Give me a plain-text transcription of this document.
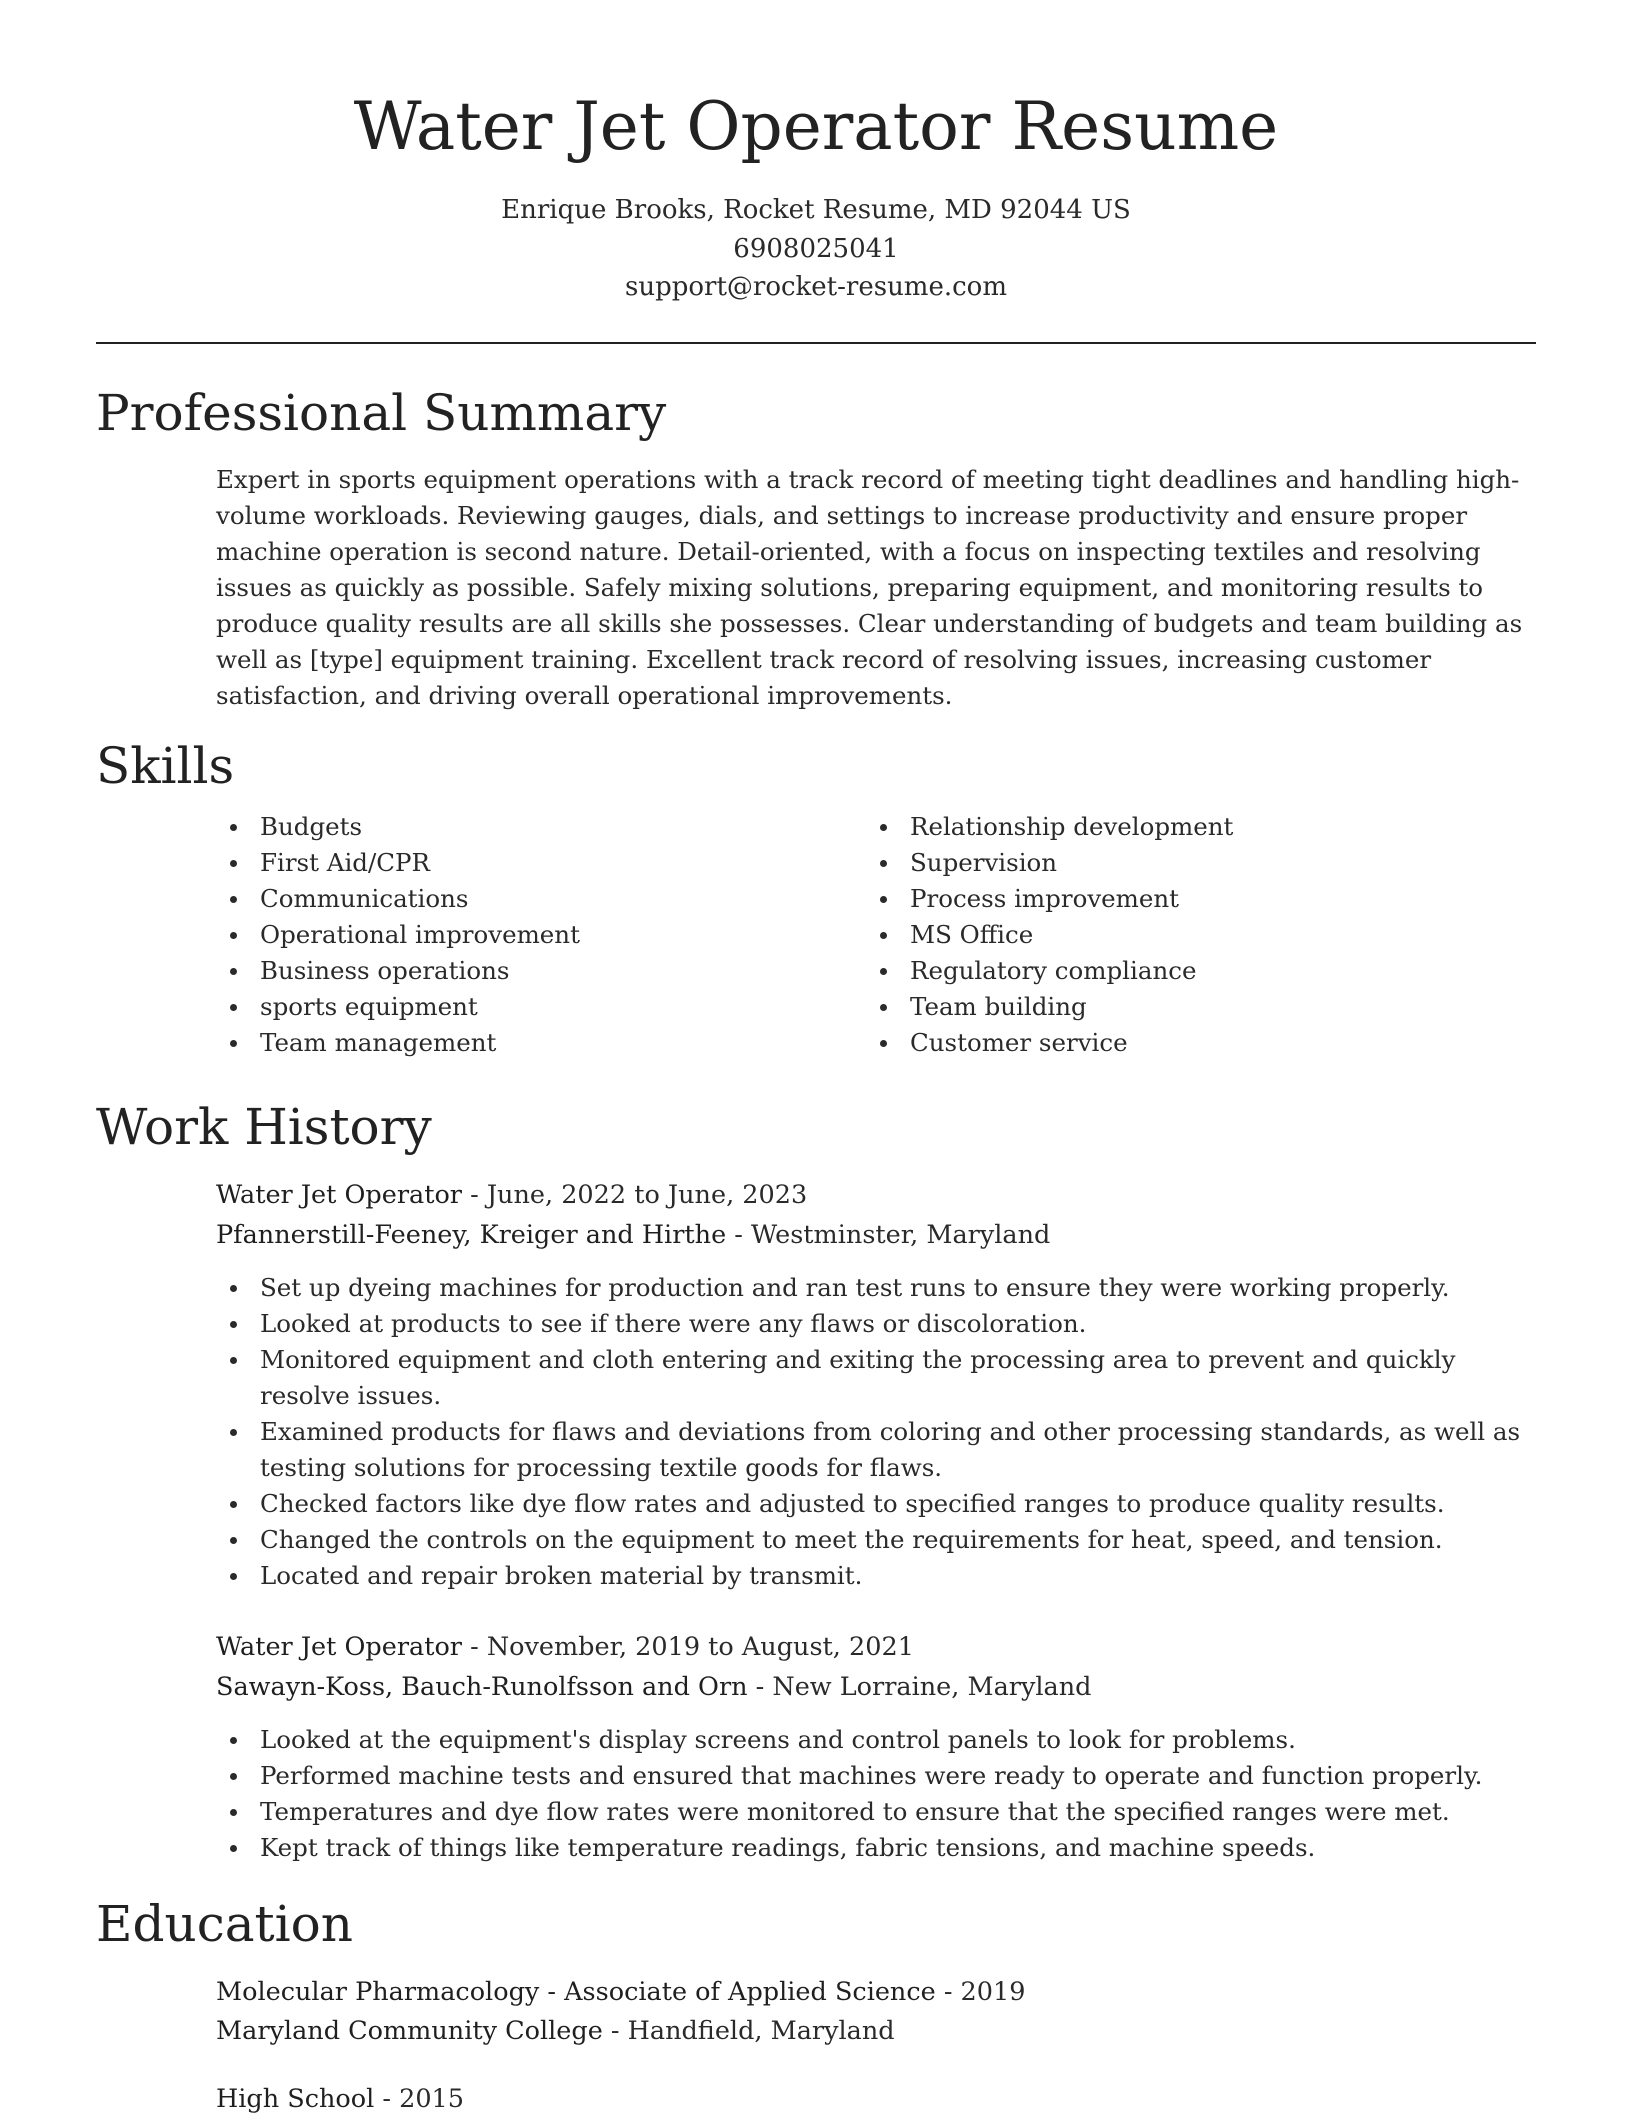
Water Jet Operator Resume
Enrique Brooks, Rocket Resume, MD 92044 US
6908025041
support@rocket-resume.com
Professional Summary
Expert in sports equipment operations with a track record of meeting tight deadlines and handling high-volume workloads. Reviewing gauges, dials, and settings to increase productivity and ensure proper machine operation is second nature. Detail-oriented, with a focus on inspecting textiles and resolving issues as quickly as possible. Safely mixing solutions, preparing equipment, and monitoring results to produce quality results are all skills she possesses. Clear understanding of budgets and team building as well as [type] equipment training. Excellent track record of resolving issues, increasing customer satisfaction, and driving overall operational improvements.
Skills
Budgets
First Aid/CPR
Communications
Operational improvement
Business operations
sports equipment
Team management
Relationship development
Supervision
Process improvement
MS Office
Regulatory compliance
Team building
Customer service
Work History
Water Jet Operator - June, 2022 to June, 2023
Pfannerstill-Feeney, Kreiger and Hirthe - Westminster, Maryland
Set up dyeing machines for production and ran test runs to ensure they were working properly.
Looked at products to see if there were any flaws or discoloration.
Monitored equipment and cloth entering and exiting the processing area to prevent and quickly resolve issues.
Examined products for flaws and deviations from coloring and other processing standards, as well as testing solutions for processing textile goods for flaws.
Checked factors like dye flow rates and adjusted to specified ranges to produce quality results.
Changed the controls on the equipment to meet the requirements for heat, speed, and tension.
Located and repair broken material by transmit.
Water Jet Operator - November, 2019 to August, 2021
Sawayn-Koss, Bauch-Runolfsson and Orn - New Lorraine, Maryland
Looked at the equipment's display screens and control panels to look for problems.
Performed machine tests and ensured that machines were ready to operate and function properly.
Temperatures and dye flow rates were monitored to ensure that the specified ranges were met.
Kept track of things like temperature readings, fabric tensions, and machine speeds.
Education
Molecular Pharmacology - Associate of Applied Science - 2019
Maryland Community College - Handfield, Maryland
High School - 2015
